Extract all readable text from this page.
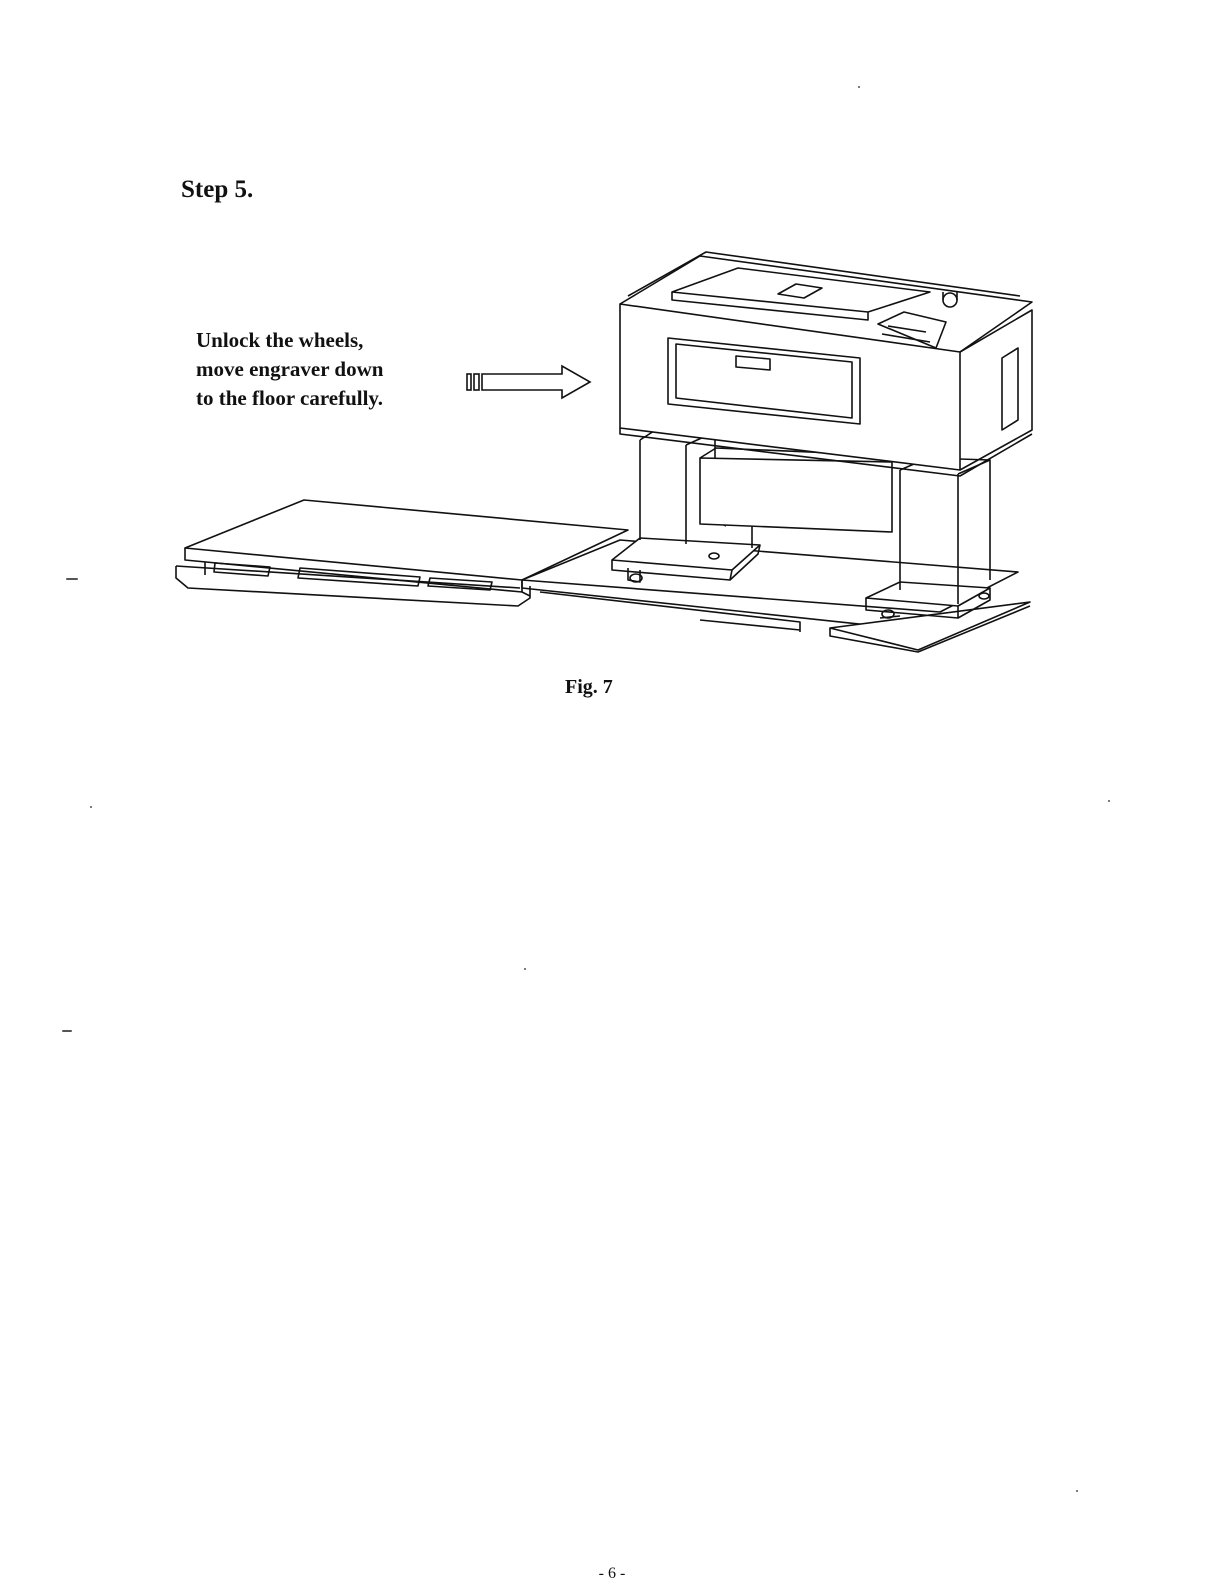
Step 5.
Unlock the wheels,
move engraver down
to the floor carefully.
Fig. 7
- 6 -
